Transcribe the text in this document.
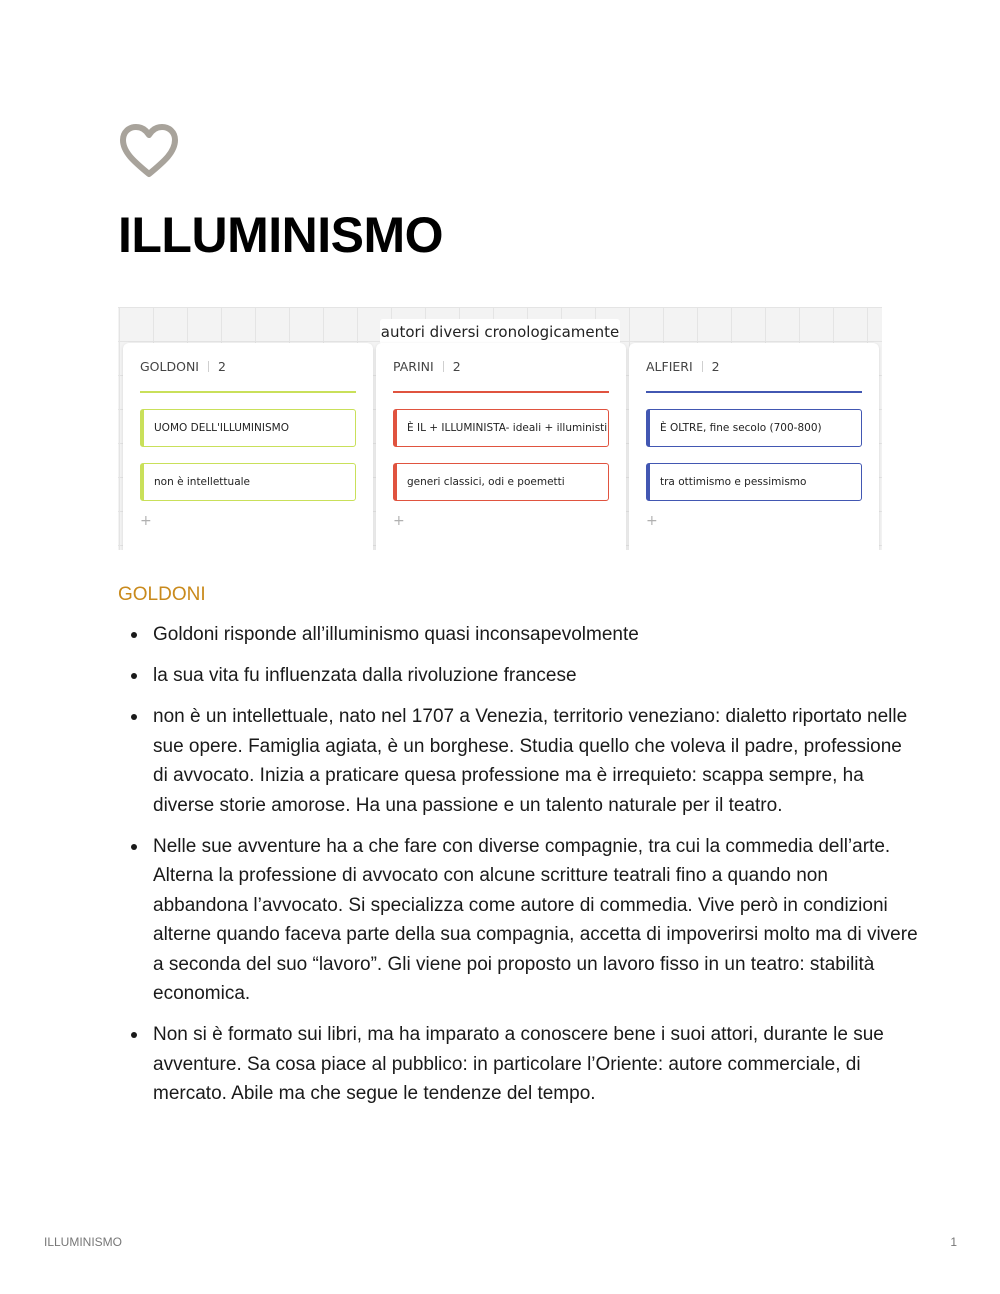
ILLUMINISMO
autori diversi cronologicamente
GOLDONI 2
UOMO DELL'ILLUMINISMO
non è intellettuale
+
PARINI 2
È IL + ILLUMINISTA- ideali + illuministi
generi classici, odi e poemetti
+
ALFIERI 2
È OLTRE, fine secolo (700-800)
tra ottimismo e pessimismo
+
GOLDONI
Goldoni risponde all’illuminismo quasi inconsapevolmente
la sua vita fu influenzata dalla rivoluzione francese
non è un intellettuale, nato nel 1707 a Venezia, territorio veneziano: dialetto riportato nelle sue opere. Famiglia agiata, è un borghese. Studia quello che voleva il padre, professione di avvocato. Inizia a praticare quesa professione ma è irrequieto: scappa sempre, ha diverse storie amorose. Ha una passione e un talento naturale per il teatro.
Nelle sue avventure ha a che fare con diverse compagnie, tra cui la commedia dell’arte. Alterna la professione di avvocato con alcune scritture teatrali fino a quando non abbandona l’avvocato. Si specializza come autore di commedia. Vive però in condizioni alterne quando faceva parte della sua compagnia, accetta di impoverirsi molto ma di vivere a seconda del suo “lavoro”. Gli viene poi proposto un lavoro fisso in un teatro: stabilità economica.
Non si è formato sui libri, ma ha imparato a conoscere bene i suoi attori, durante le sue avventure. Sa cosa piace al pubblico: in particolare l’Oriente: autore commerciale, di mercato. Abile ma che segue le tendenze del tempo.
ILLUMINISMO	1
